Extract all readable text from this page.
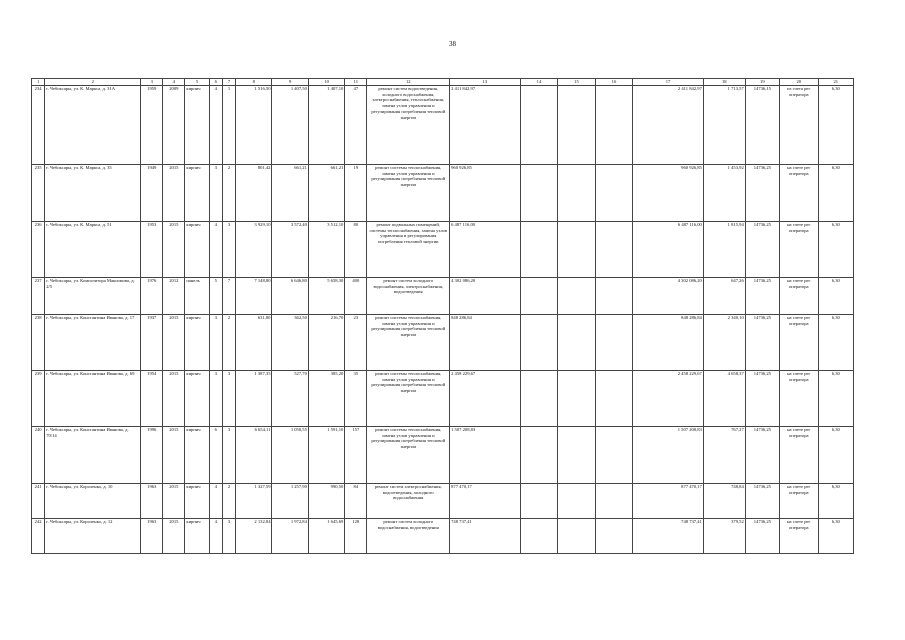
38
1	2	3	4	5	6	7	8	9	10	11	12	13	14	15	16	17	18	19	20	21
234	г. Чебоксары, ул. К. Маркса, д. 31А	1959	2009	кирпич	4	1	1 516,50	1 407,50	1 407,10	47	ремонт систем водоотведения, холодного водоснабжения, электроснабжения, теплоснабжения, замена узлов управления и регулирования потребления тепловой энергии	2 411 842,97				2 411 842,97	1 713,57	14736,15	из счета рег оператора	6,30
235	г. Чебоксары, ул. К. Маркса, д. 35	1949	2015	кирпич	3	2	801,42	661,21	661,21	19	ремонт системы теплоснабжения, замена узлов управления и регулирования потребления тепловой энергии	960 926,85				960 926,85	1 453,92	14736,25	на счете рег оператора	6,30
236	г. Чебоксары, ул. К. Маркса, д. 51	1953	2015	кирпич	4	3	3 929,10	3 572,40	3 512,10	80	ремонт подвальных помещений, системы теплоснабжения, замена узлов управления и регулирования потребления тепловой энергии	6 487 116,00				6 487 116,00	1 815,94	14736,25	на счете рег оператора	6,30
237	г. Чебоксары, ул. Композитора Максимова, д. 2/5	1976	2012	панель	5	7	7 148,80	6 646,80	5 658,30	400	ремонт систем холодного водоснабжения, электроснабжения, водоотведения	4 302 086,20				4 302 086,20	647,26	14736,25	на счете рег оператора	6,30
238	г. Чебоксары, ул. Константина Иванова, д. 17	1937	2015	кирпич	3	2	631,80	362,50	216,70	23	ремонт системы теплоснабжения, замена узлов управления и регулирования потребления тепловой энергии	848 286,84				848 286,84	2 340,10	14736,25	на счете рег оператора	6,30
239	г. Чебоксары, ул. Константина Иванова, д. 69	1954	2015	кирпич	3	3	1 387,35	527,70	385,20	35	ремонт системы теплоснабжения, замена узлов управления и регулирования потребления тепловой энергии	2 458 229,67				2 458 229,67	4 658,37	14736,25	на счете рег оператора	6,30
240	г. Чебоксары, ул. Константина Иванова, д. 70/14	1996	2015	кирпич	6	3	6 654,11	1 050,55	1 591,10	157	ремонт системы теплоснабжения, замена узлов управления и регулирования потребления тепловой энергии	1 507 208,83				1 507 208,83	767,27	14736,25	на счете рег оператора	6,30
241	г. Чебоксары, ул. Короленко, д. 10	1963	2015	кирпич	4	2	1 327,59	1 257,90	990,50	84	ремонт систем электроснабжения, водоотведения, холодного водоснабжения	877 470,17				877 470,17	748,84	14736,25	на счете рег оператора	6,30
242	г. Чебоксары, ул. Короленко, д. 12	1963	2015	кирпич	4	3	2 132,84	1 972,84	1 645,69	128	ремонт систем холодного водоснабжения, водоотведения	748 737,41				748 737,41	379,52	14736,25	на счете рег оператора	6,30
